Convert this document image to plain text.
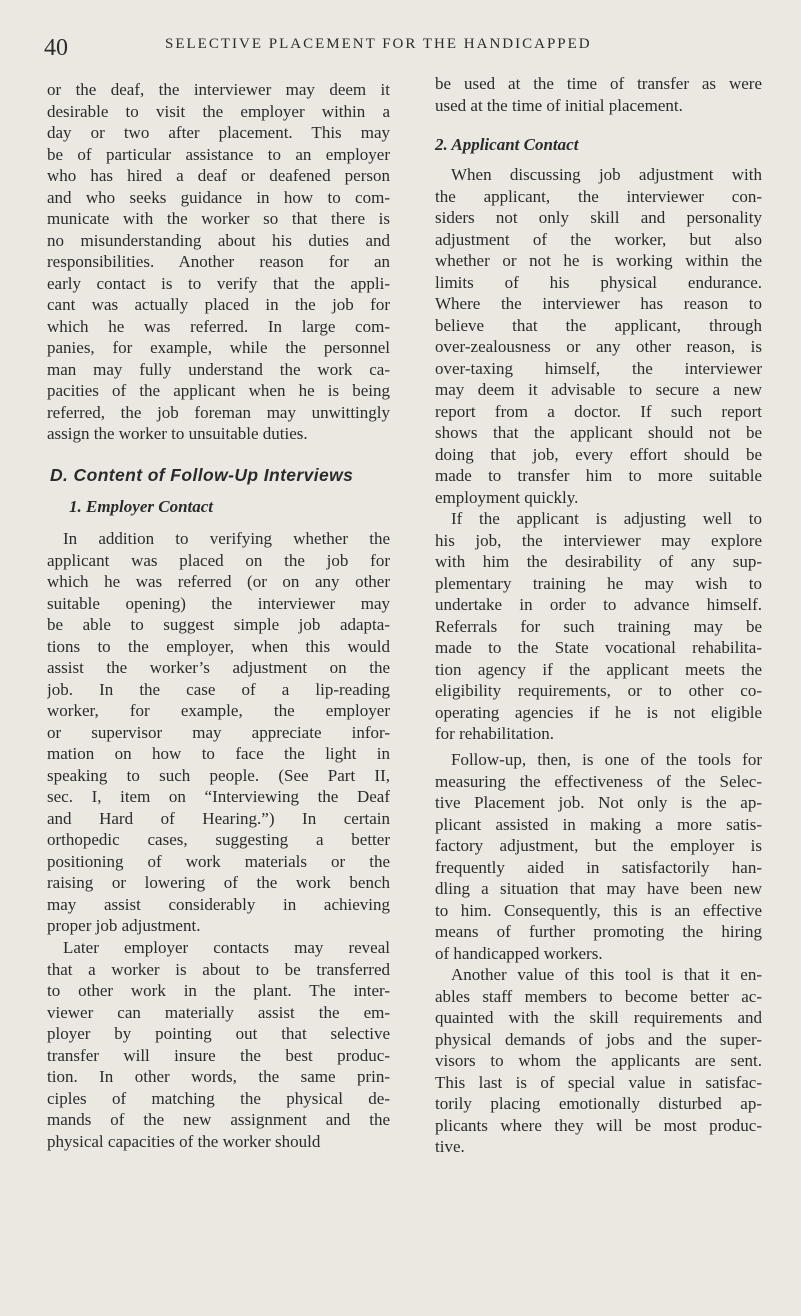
40	SELECTIVE PLACEMENT FOR THE HANDICAPPED
or the deaf, the interviewer may deem it
desirable to visit the employer within a
day or two after placement. This may
be of particular assistance to an employer
who has hired a deaf or deafened person
and who seeks guidance in how to com-
municate with the worker so that there is
no misunderstanding about his duties and
responsibilities. Another reason for an
early contact is to verify that the appli-
cant was actually placed in the job for
which he was referred. In large com-
panies, for example, while the personnel
man may fully understand the work ca-
pacities of the applicant when he is being
referred, the job foreman may unwittingly
assign the worker to unsuitable duties.
D. Content of Follow-Up Interviews
1. Employer Contact
In addition to verifying whether the
applicant was placed on the job for
which he was referred (or on any other
suitable opening) the interviewer may
be able to suggest simple job adapta-
tions to the employer, when this would
assist the worker’s adjustment on the
job. In the case of a lip-reading
worker, for example, the employer
or supervisor may appreciate infor-
mation on how to face the light in
speaking to such people. (See Part II,
sec. I, item on “Interviewing the Deaf
and Hard of Hearing.”) In certain
orthopedic cases, suggesting a better
positioning of work materials or the
raising or lowering of the work bench
may assist considerably in achieving
proper job adjustment.
Later employer contacts may reveal
that a worker is about to be transferred
to other work in the plant. The inter-
viewer can materially assist the em-
ployer by pointing out that selective
transfer will insure the best produc-
tion. In other words, the same prin-
ciples of matching the physical de-
mands of the new assignment and the
physical capacities of the worker should
be used at the time of transfer as were
used at the time of initial placement.
2. Applicant Contact
When discussing job adjustment with
the applicant, the interviewer con-
siders not only skill and personality
adjustment of the worker, but also
whether or not he is working within the
limits of his physical endurance.
Where the interviewer has reason to
believe that the applicant, through
over-zealousness or any other reason, is
over-taxing himself, the interviewer
may deem it advisable to secure a new
report from a doctor. If such report
shows that the applicant should not be
doing that job, every effort should be
made to transfer him to more suitable
employment quickly.
If the applicant is adjusting well to
his job, the interviewer may explore
with him the desirability of any sup-
plementary training he may wish to
undertake in order to advance himself.
Referrals for such training may be
made to the State vocational rehabilita-
tion agency if the applicant meets the
eligibility requirements, or to other co-
operating agencies if he is not eligible
for rehabilitation.
Follow-up, then, is one of the tools for
measuring the effectiveness of the Selec-
tive Placement job. Not only is the ap-
plicant assisted in making a more satis-
factory adjustment, but the employer is
frequently aided in satisfactorily han-
dling a situation that may have been new
to him. Consequently, this is an effective
means of further promoting the hiring
of handicapped workers.
Another value of this tool is that it en-
ables staff members to become better ac-
quainted with the skill requirements and
physical demands of jobs and the super-
visors to whom the applicants are sent.
This last is of special value in satisfac-
torily placing emotionally disturbed ap-
plicants where they will be most produc-
tive.
